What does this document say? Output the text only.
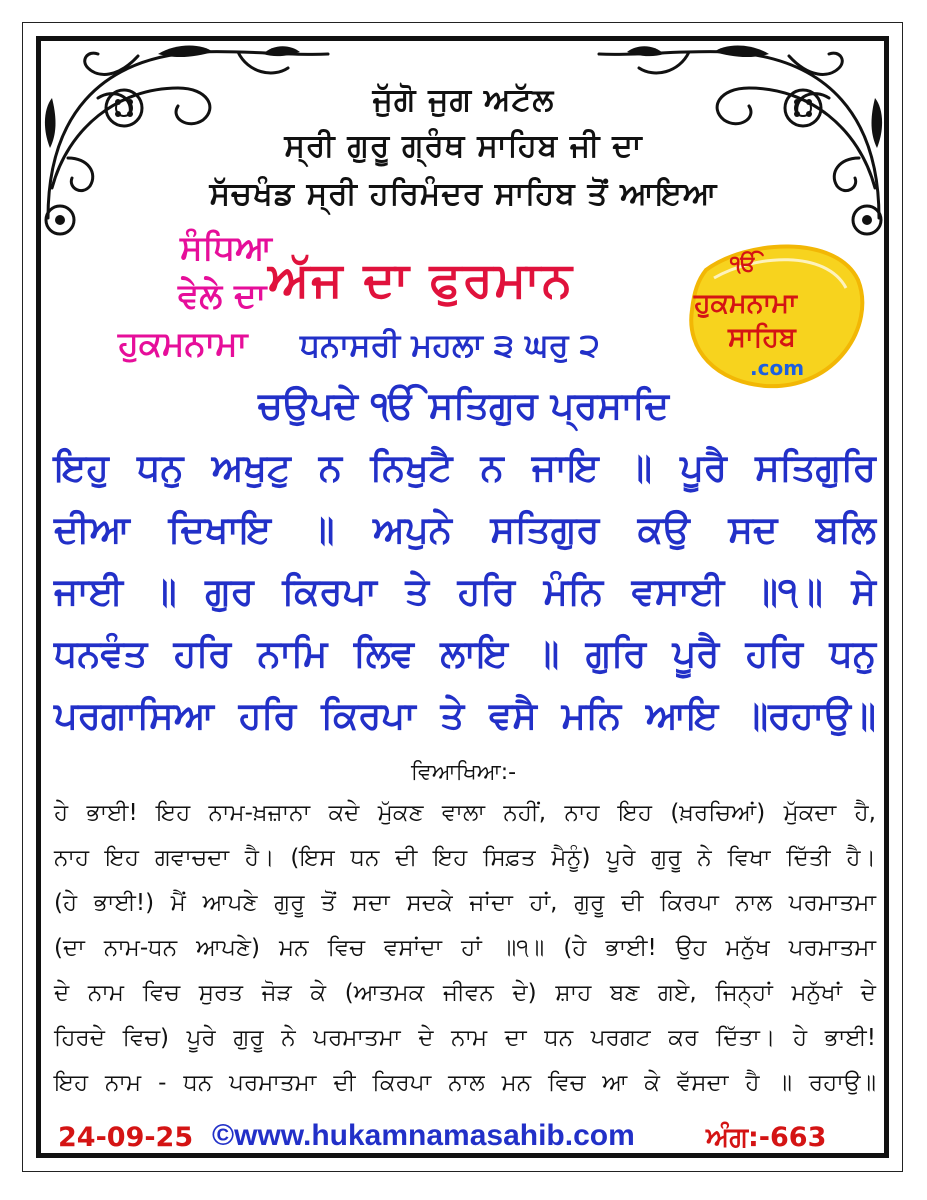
ਜੁੱਗੋ ਜੁਗ ਅਟੱਲ
ਸ੍ਰੀ ਗੁਰੂ ਗ੍ਰੰਥ ਸਾਹਿਬ ਜੀ ਦਾ
ਸੱਚਖੰਡ ਸ੍ਰੀ ਹਰਿਮੰਦਰ ਸਾਹਿਬ ਤੋਂ ਆਇਆ
ਸੰਧਿਆ
ਵੇਲੇ ਦਾ
ਹੁਕਮਨਾਮਾ
ਅੱਜ ਦਾ ਫੁਰਮਾਨ
ਧਨਾਸਰੀ ਮਹਲਾ ੩ ਘਰੁ ੨
ੴ
ਹੁਕਮਨਾਮਾ
ਸਾਹਿਬ
.com
ਚਉਪਦੇ ੴ ਸਤਿਗੁਰ ਪ੍ਰਸਾਦਿ
ਇਹੁ ਧਨੁ ਅਖੁਟੁ ਨ ਨਿਖੁਟੈ ਨ ਜਾਇ ॥ ਪੂਰੈ ਸਤਿਗੁਰਿ
ਦੀਆ ਦਿਖਾਇ ॥ ਅਪੁਨੇ ਸਤਿਗੁਰ ਕਉ ਸਦ ਬਲਿ
ਜਾਈ ॥ ਗੁਰ ਕਿਰਪਾ ਤੇ ਹਰਿ ਮੰਨਿ ਵਸਾਈ ॥੧॥ ਸੇ
ਧਨਵੰਤ ਹਰਿ ਨਾਮਿ ਲਿਵ ਲਾਇ ॥ ਗੁਰਿ ਪੂਰੈ ਹਰਿ ਧਨੁ
ਪਰਗਾਸਿਆ ਹਰਿ ਕਿਰਪਾ ਤੇ ਵਸੈ ਮਨਿ ਆਇ ॥ਰਹਾਉ॥
ਵਿਆਖਿਆ:-
ਹੇ ਭਾਈ! ਇਹ ਨਾਮ-ਖ਼ਜ਼ਾਨਾ ਕਦੇ ਮੁੱਕਣ ਵਾਲਾ ਨਹੀਂ, ਨਾਹ ਇਹ (ਖ਼ਰਚਿਆਂ) ਮੁੱਕਦਾ ਹੈ,
ਨਾਹ ਇਹ ਗਵਾਚਦਾ ਹੈ। (ਇਸ ਧਨ ਦੀ ਇਹ ਸਿਫ਼ਤ ਮੈਨੂੰ) ਪੂਰੇ ਗੁਰੂ ਨੇ ਵਿਖਾ ਦਿੱਤੀ ਹੈ।
(ਹੇ ਭਾਈ!) ਮੈਂ ਆਪਣੇ ਗੁਰੂ ਤੋਂ ਸਦਾ ਸਦਕੇ ਜਾਂਦਾ ਹਾਂ, ਗੁਰੂ ਦੀ ਕਿਰਪਾ ਨਾਲ ਪਰਮਾਤਮਾ
(ਦਾ ਨਾਮ-ਧਨ ਆਪਣੇ) ਮਨ ਵਿਚ ਵਸਾਂਦਾ ਹਾਂ ॥੧॥ (ਹੇ ਭਾਈ! ਉਹ ਮਨੁੱਖ ਪਰਮਾਤਮਾ
ਦੇ ਨਾਮ ਵਿਚ ਸੁਰਤ ਜੋੜ ਕੇ (ਆਤਮਕ ਜੀਵਨ ਦੇ) ਸ਼ਾਹ ਬਣ ਗਏ, ਜਿਨ੍ਹਾਂ ਮਨੁੱਖਾਂ ਦੇ
ਹਿਰਦੇ ਵਿਚ) ਪੂਰੇ ਗੁਰੂ ਨੇ ਪਰਮਾਤਮਾ ਦੇ ਨਾਮ ਦਾ ਧਨ ਪਰਗਟ ਕਰ ਦਿੱਤਾ। ਹੇ ਭਾਈ!
ਇਹ ਨਾਮ - ਧਨ ਪਰਮਾਤਮਾ ਦੀ ਕਿਰਪਾ ਨਾਲ ਮਨ ਵਿਚ ਆ ਕੇ ਵੱਸਦਾ ਹੈ ॥ ਰਹਾਉ॥
24-09-25 ©www.hukamnamasahib.com	ਅੰਗ:-663
